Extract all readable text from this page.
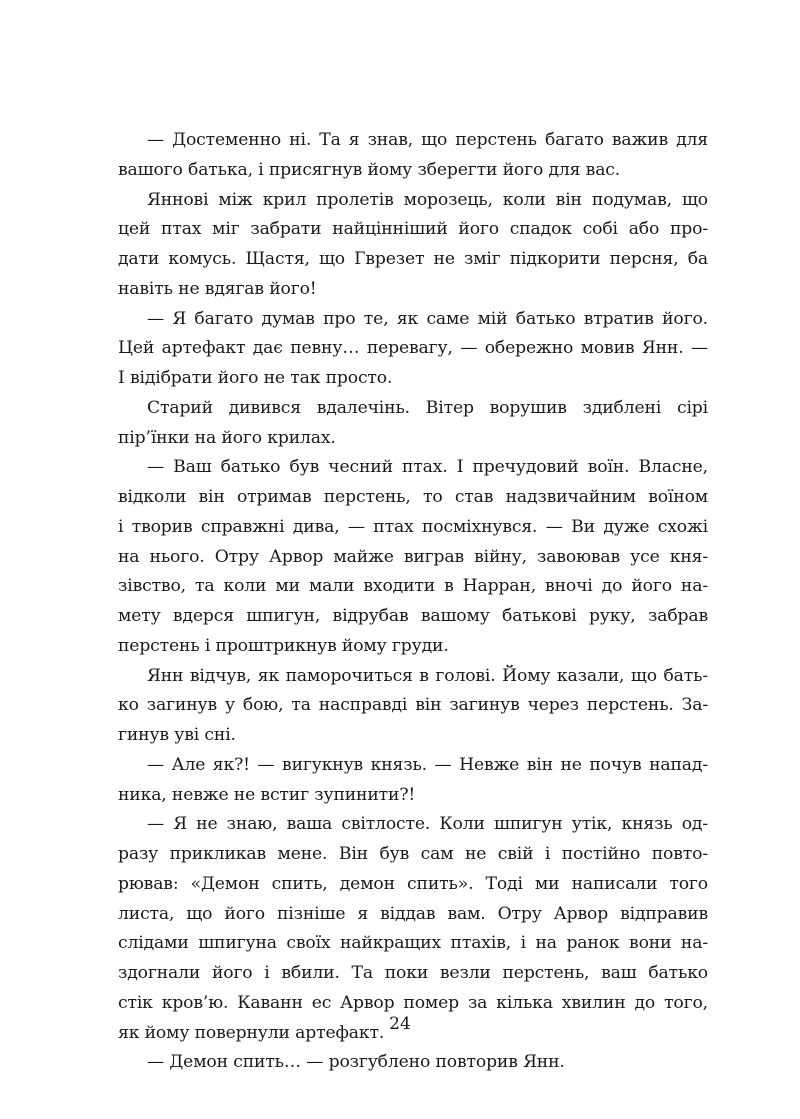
— Достеменно ні. Та я знав, що перстень багато важив для
вашого батька, і присягнув йому зберегти його для вас.
Яннові між крил пролетів морозець, коли він подумав, що
цей птах міг забрати найцінніший його спадок собі або про-
дати комусь. Щастя, що Гврезет не зміг підкорити персня, ба
навіть не вдягав його!
— Я багато думав про те, як саме мій батько втратив його.
Цей артефакт дає певну… перевагу, — обережно мовив Янн. —
І відібрати його не так просто.
Старий дивився вдалечінь. Вітер ворушив здиблені сірі
пір’їнки на його крилах.
— Ваш батько був чесний птах. І пречудовий воїн. Власне,
відколи він отримав перстень, то став надзвичайним воїном
і творив справжні дива, — птах посміхнувся. — Ви дуже схожі
на нього. Отру Арвор майже виграв війну, завоював усе кня-
зівство, та коли ми мали входити в Нарран, вночі до його на-
мету вдерся шпигун, відрубав вашому батькові руку, забрав
перстень і проштрикнув йому груди.
Янн відчув, як паморочиться в голові. Йому казали, що бать-
ко загинув у бою, та насправді він загинув через перстень. За-
гинув уві сні.
— Але як?! — вигукнув князь. — Невже він не почув напад-
ника, невже не встиг зупинити?!
— Я не знаю, ваша світлосте. Коли шпигун утік, князь од-
разу прикликав мене. Він був сам не свій і постійно повто-
рював: «Демон спить, демон спить». Тоді ми написали того
листа, що його пізніше я віддав вам. Отру Арвор відправив
слідами шпигуна своїх найкращих птахів, і на ранок вони на-
здогнали його і вбили. Та поки везли перстень, ваш батько
стік кров’ю. Каванн ес Арвор помер за кілька хвилин до того,
як йому повернули артефакт.
— Демон спить… — розгублено повторив Янн.
24
